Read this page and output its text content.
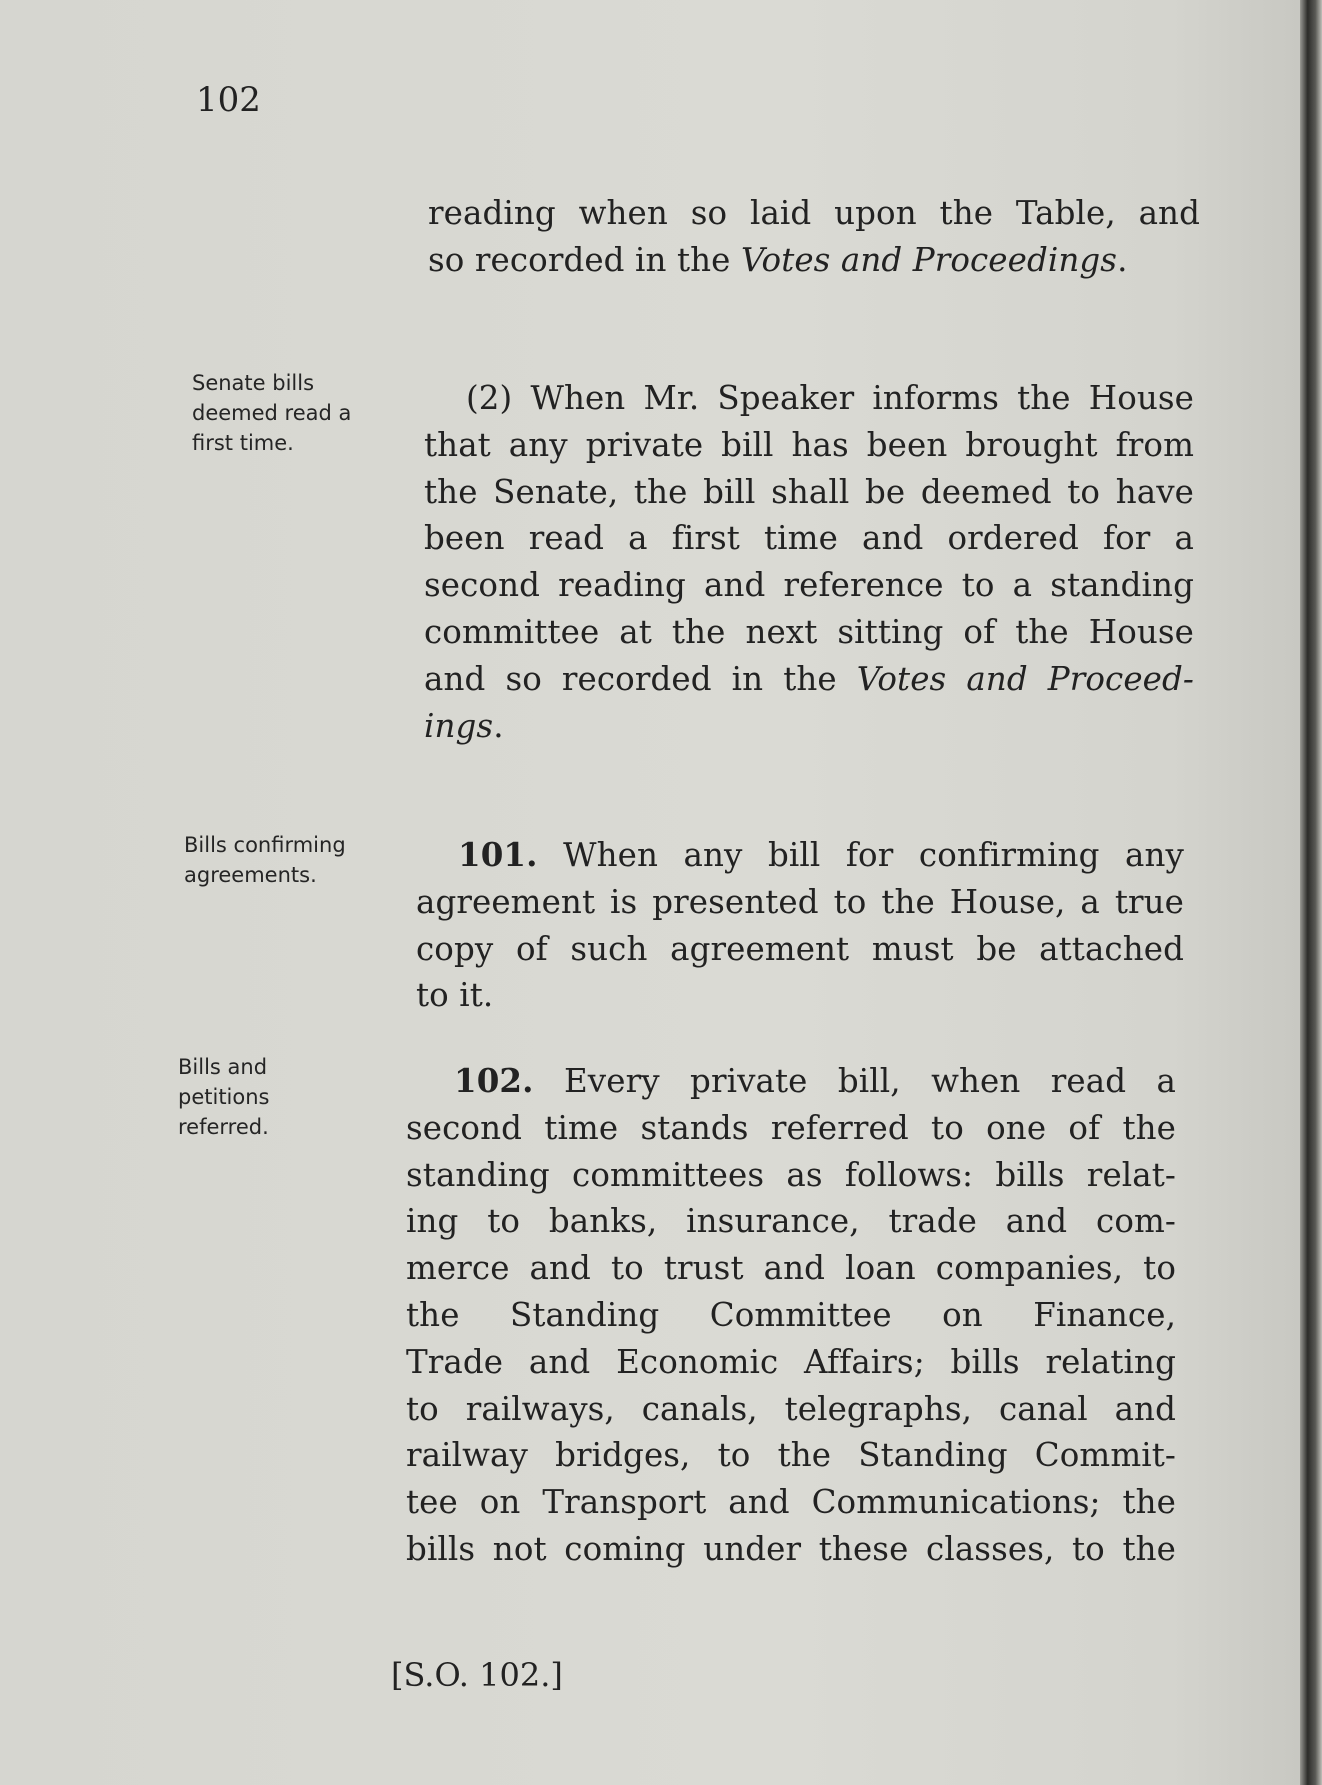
102
reading when so laid upon the Table, and
so recorded in the Votes and Proceedings.
Senate bills
deemed read a
first time.
(2) When Mr. Speaker informs the House
that any private bill has been brought from
the Senate, the bill shall be deemed to have
been read a first time and ordered for a
second reading and reference to a standing
committee at the next sitting of the House
and so recorded in the Votes and Proceed-
ings.
Bills confirming
agreements.
101. When any bill for confirming any
agreement is presented to the House, a true
copy of such agreement must be attached
to it.
Bills and
petitions
referred.
102. Every private bill, when read a
second time stands referred to one of the
standing committees as follows: bills relat-
ing to banks, insurance, trade and com-
merce and to trust and loan companies, to
the Standing Committee on Finance,
Trade and Economic Affairs; bills relating
to railways, canals, telegraphs, canal and
railway bridges, to the Standing Commit-
tee on Transport and Communications; the
bills not coming under these classes, to the
[S.O. 102.]
